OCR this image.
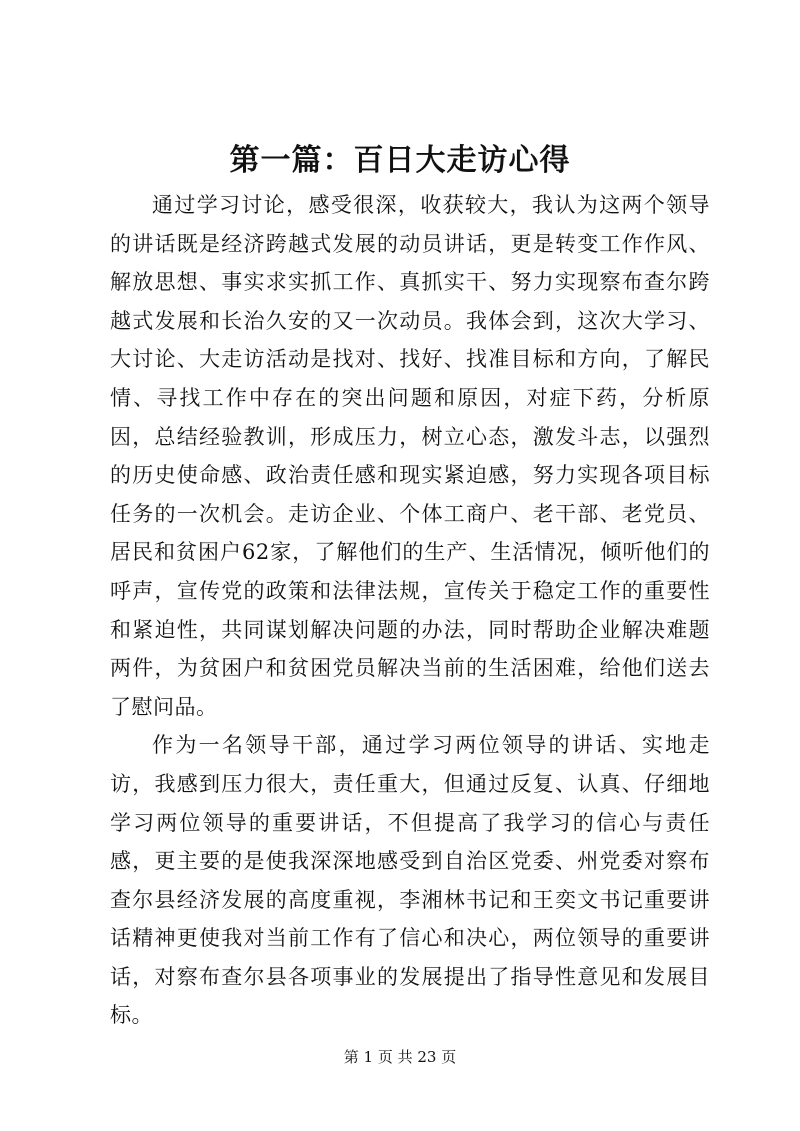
第一篇：百日大走访心得

通过学习讨论，感受很深，收获较大，我认为这两个领导的讲话既是经济跨越式发展的动员讲话，更是转变工作作风、解放思想、事实求实抓工作、真抓实干、努力实现察布查尔跨越式发展和长治久安的又一次动员。我体会到，这次大学习、大讨论、大走访活动是找对、找好、找准目标和方向，了解民情、寻找工作中存在的突出问题和原因，对症下药，分析原因，总结经验教训，形成压力，树立心态，激发斗志，以强烈的历史使命感、政治责任感和现实紧迫感，努力实现各项目标任务的一次机会。走访企业、个体工商户、老干部、老党员、居民和贫困户62家，了解他们的生产、生活情况，倾听他们的呼声，宣传党的政策和法律法规，宣传关于稳定工作的重要性和紧迫性，共同谋划解决问题的办法，同时帮助企业解决难题两件，为贫困户和贫困党员解决当前的生活困难，给他们送去了慰问品。

作为一名领导干部，通过学习两位领导的讲话、实地走访，我感到压力很大，责任重大，但通过反复、认真、仔细地学习两位领导的重要讲话，不但提高了我学习的信心与责任感，更主要的是使我深深地感受到自治区党委、州党委对察布查尔县经济发展的高度重视，李湘林书记和王奕文书记重要讲话精神更使我对当前工作有了信心和决心，两位领导的重要讲话，对察布查尔县各项事业的发展提出了指导性意见和发展目标。

第 1 页 共 23 页
